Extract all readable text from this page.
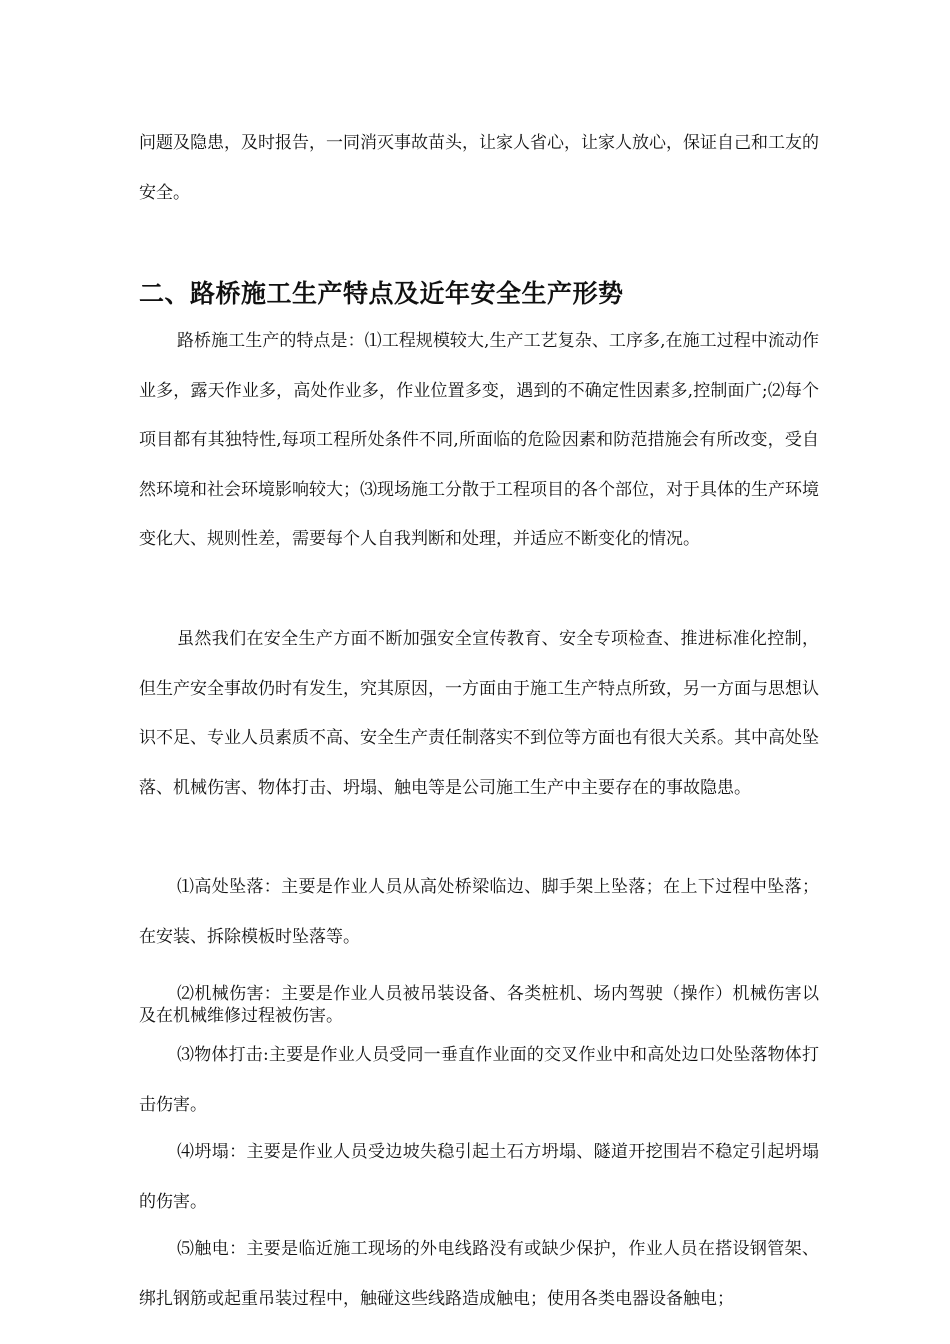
问题及隐患，及时报告，一同消灭事故苗头，让家人省心，让家人放心，保证自己和工友的安全。

二、路桥施工生产特点及近年安全生产形势

路桥施工生产的特点是：⑴工程规模较大,生产工艺复杂、工序多,在施工过程中流动作业多，露天作业多，高处作业多，作业位置多变，遇到的不确定性因素多,控制面广;⑵每个项目都有其独特性,每项工程所处条件不同,所面临的危险因素和防范措施会有所改变，受自然环境和社会环境影响较大；⑶现场施工分散于工程项目的各个部位，对于具体的生产环境变化大、规则性差，需要每个人自我判断和处理，并适应不断变化的情况。

虽然我们在安全生产方面不断加强安全宣传教育、安全专项检查、推进标准化控制，但生产安全事故仍时有发生，究其原因，一方面由于施工生产特点所致，另一方面与思想认识不足、专业人员素质不高、安全生产责任制落实不到位等方面也有很大关系。其中高处坠落、机械伤害、物体打击、坍塌、触电等是公司施工生产中主要存在的事故隐患。

⑴高处坠落：主要是作业人员从高处桥梁临边、脚手架上坠落；在上下过程中坠落；在安装、拆除模板时坠落等。

⑵机械伤害：主要是作业人员被吊装设备、各类桩机、场内驾驶（操作）机械伤害以及在机械维修过程被伤害。

⑶物体打击:主要是作业人员受同一垂直作业面的交叉作业中和高处边口处坠落物体打击伤害。

⑷坍塌：主要是作业人员受边坡失稳引起土石方坍塌、隧道开挖围岩不稳定引起坍塌的伤害。

⑸触电：主要是临近施工现场的外电线路没有或缺少保护，作业人员在搭设钢管架、绑扎钢筋或起重吊装过程中，触碰这些线路造成触电；使用各类电器设备触电；
